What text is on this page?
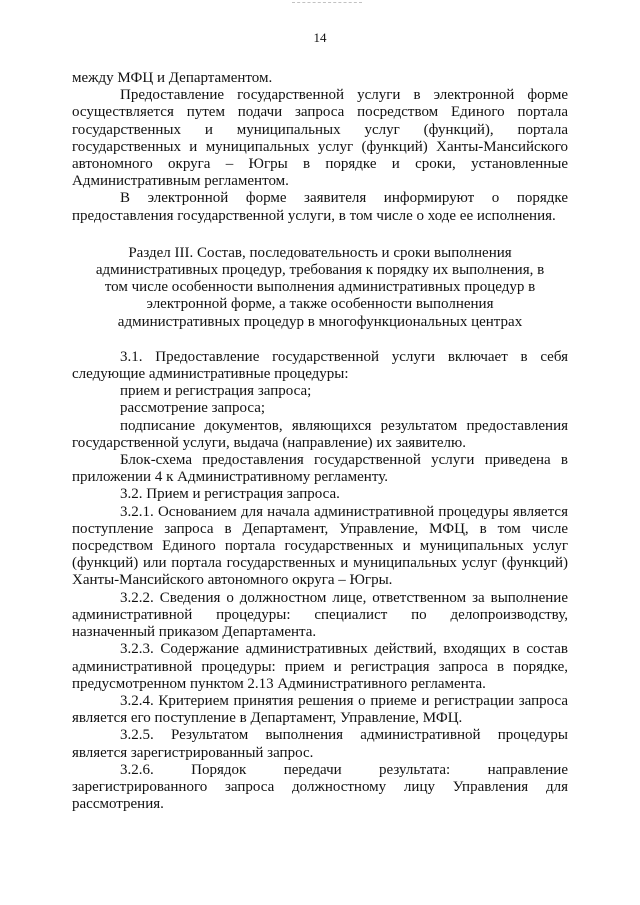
14

между МФЦ и Департаментом.

Предоставление государственной услуги в электронной форме осуществляется путем подачи запроса посредством Единого портала государственных и муниципальных услуг (функций), портала государственных и муниципальных услуг (функций) Ханты-Мансийского автономного округа – Югры в порядке и сроки, установленные Административным регламентом.

В электронной форме заявителя информируют о порядке предоставления государственной услуги, в том числе о ходе ее исполнения.

Раздел III. Состав, последовательность и сроки выполнения административных процедур, требования к порядку их выполнения, в том числе особенности выполнения административных процедур в электронной форме, а также особенности выполнения административных процедур в многофункциональных центрах

3.1. Предоставление государственной услуги включает в себя следующие административные процедуры:

прием и регистрация запроса;

рассмотрение запроса;

подписание документов, являющихся результатом предоставления государственной услуги, выдача (направление) их заявителю.

Блок-схема предоставления государственной услуги приведена в приложении 4 к Административному регламенту.

3.2. Прием и регистрация запроса.

3.2.1. Основанием для начала административной процедуры является поступление запроса в Департамент, Управление, МФЦ, в том числе посредством Единого портала государственных и муниципальных услуг (функций) или портала государственных и муниципальных услуг (функций) Ханты-Мансийского автономного округа – Югры.

3.2.2. Сведения о должностном лице, ответственном за выполнение административной процедуры: специалист по делопроизводству, назначенный приказом Департамента.

3.2.3. Содержание административных действий, входящих в состав административной процедуры: прием и регистрация запроса в порядке, предусмотренном пунктом 2.13 Административного регламента.

3.2.4. Критерием принятия решения о приеме и регистрации запроса является его поступление в Департамент, Управление, МФЦ.

3.2.5. Результатом выполнения административной процедуры является зарегистрированный запрос.

3.2.6. Порядок передачи результата: направление зарегистрированного запроса должностному лицу Управления для рассмотрения.
